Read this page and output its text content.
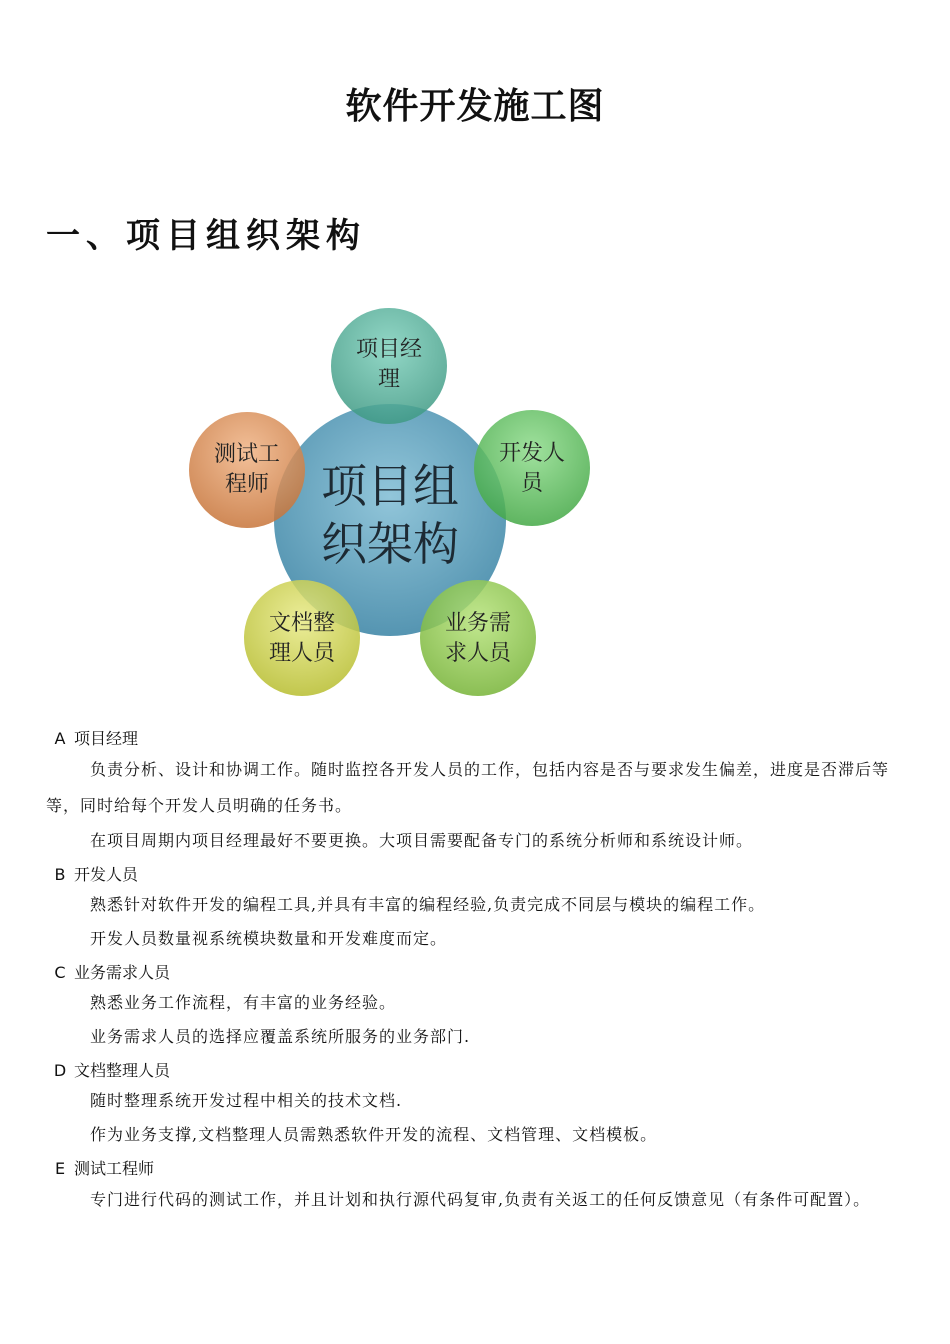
软件开发施工图
一、项目组织架构
项目经
理
开发人
员
业务需
求人员
文档整
理人员
测试工
程师 项目组
织架构
A 项目经理
负责分析、设计和协调工作。随时监控各开发人员的工作，包括内容是否与要求发生偏差，进度是否滞后等等，同时给每个开发人员明确的任务书。
在项目周期内项目经理最好不要更换。大项目需要配备专门的系统分析师和系统设计师。
B 开发人员
熟悉针对软件开发的编程工具,并具有丰富的编程经验,负责完成不同层与模块的编程工作。
开发人员数量视系统模块数量和开发难度而定。
C 业务需求人员
熟悉业务工作流程，有丰富的业务经验。
业务需求人员的选择应覆盖系统所服务的业务部门.
D 文档整理人员
随时整理系统开发过程中相关的技术文档.
作为业务支撑,文档整理人员需熟悉软件开发的流程、文档管理、文档模板。
E 测试工程师
专门进行代码的测试工作，并且计划和执行源代码复审,负责有关返工的任何反馈意见（有条件可配置）。
